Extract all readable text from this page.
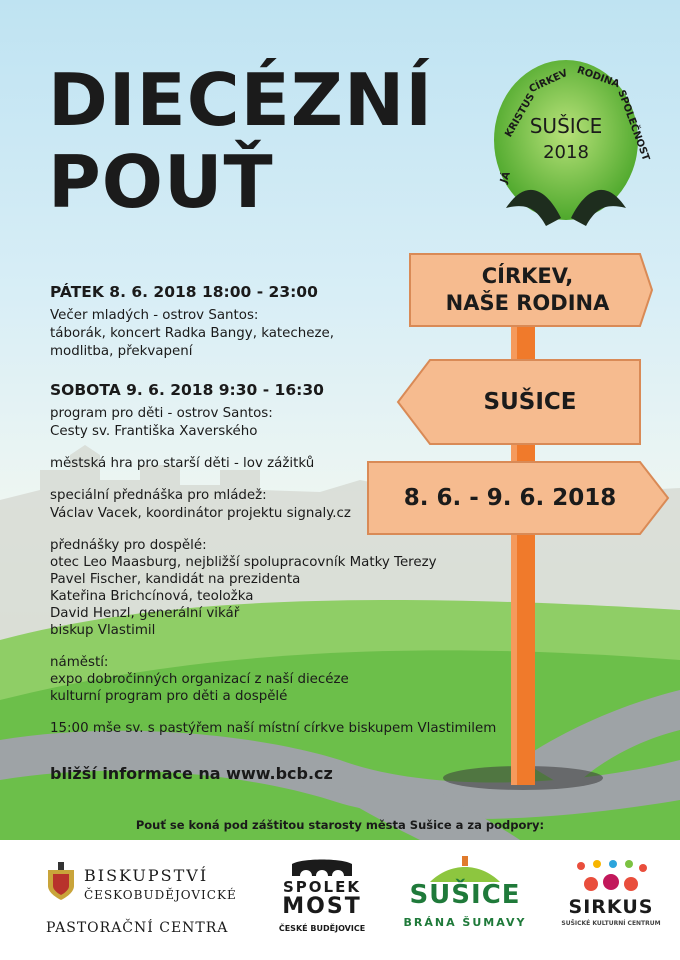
DIECÉZNÍ
POUŤ	JÁ
KRISTUS
CÍRKEV RODINA
SPOLEČNOST
SUŠICE
2018
CÍRKEV,
NAŠE RODINA
SUŠICE
8. 6. - 9. 6. 2018
PÁTEK 8. 6. 2018 18:00 - 23:00
Večer mladých - ostrov Santos:
táborák, koncert Radka Bangy, katecheze,
modlitba, překvapení
SOBOTA 9. 6. 2018 9:30 - 16:30
program pro děti - ostrov Santos:
Cesty sv. Františka Xaverského
městská hra pro starší děti - lov zážitků
speciální přednáška pro mládež:
Václav Vacek, koordinátor projektu signaly.cz
přednášky pro dospělé:
otec Leo Maasburg, nejbližší spolupracovník Matky Terezy
Pavel Fischer, kandidát na prezidenta
Kateřina Brichcínová, teoložka
David Henzl, generální vikář
biskup Vlastimil
náměstí:
expo dobročinných organizací z naší diecéze
kulturní program pro děti a dospělé
15:00 mše sv. s pastýřem naší místní církve biskupem Vlastimilem
bližší informace na www.bcb.cz
Pouť se koná pod záštitou starosty města Sušice a za podpory:
BISKUPSTVÍ
ČESKOBUDĚJOVICKÉ
PASTORAČNÍ CENTRA
SPOLEK
MOST
ČESKÉ BUDĚJOVICE
SUŠICE
BRÁNA ŠUMAVY
SIRKUS
SUŠICKÉ KULTURNÍ CENTRUM
